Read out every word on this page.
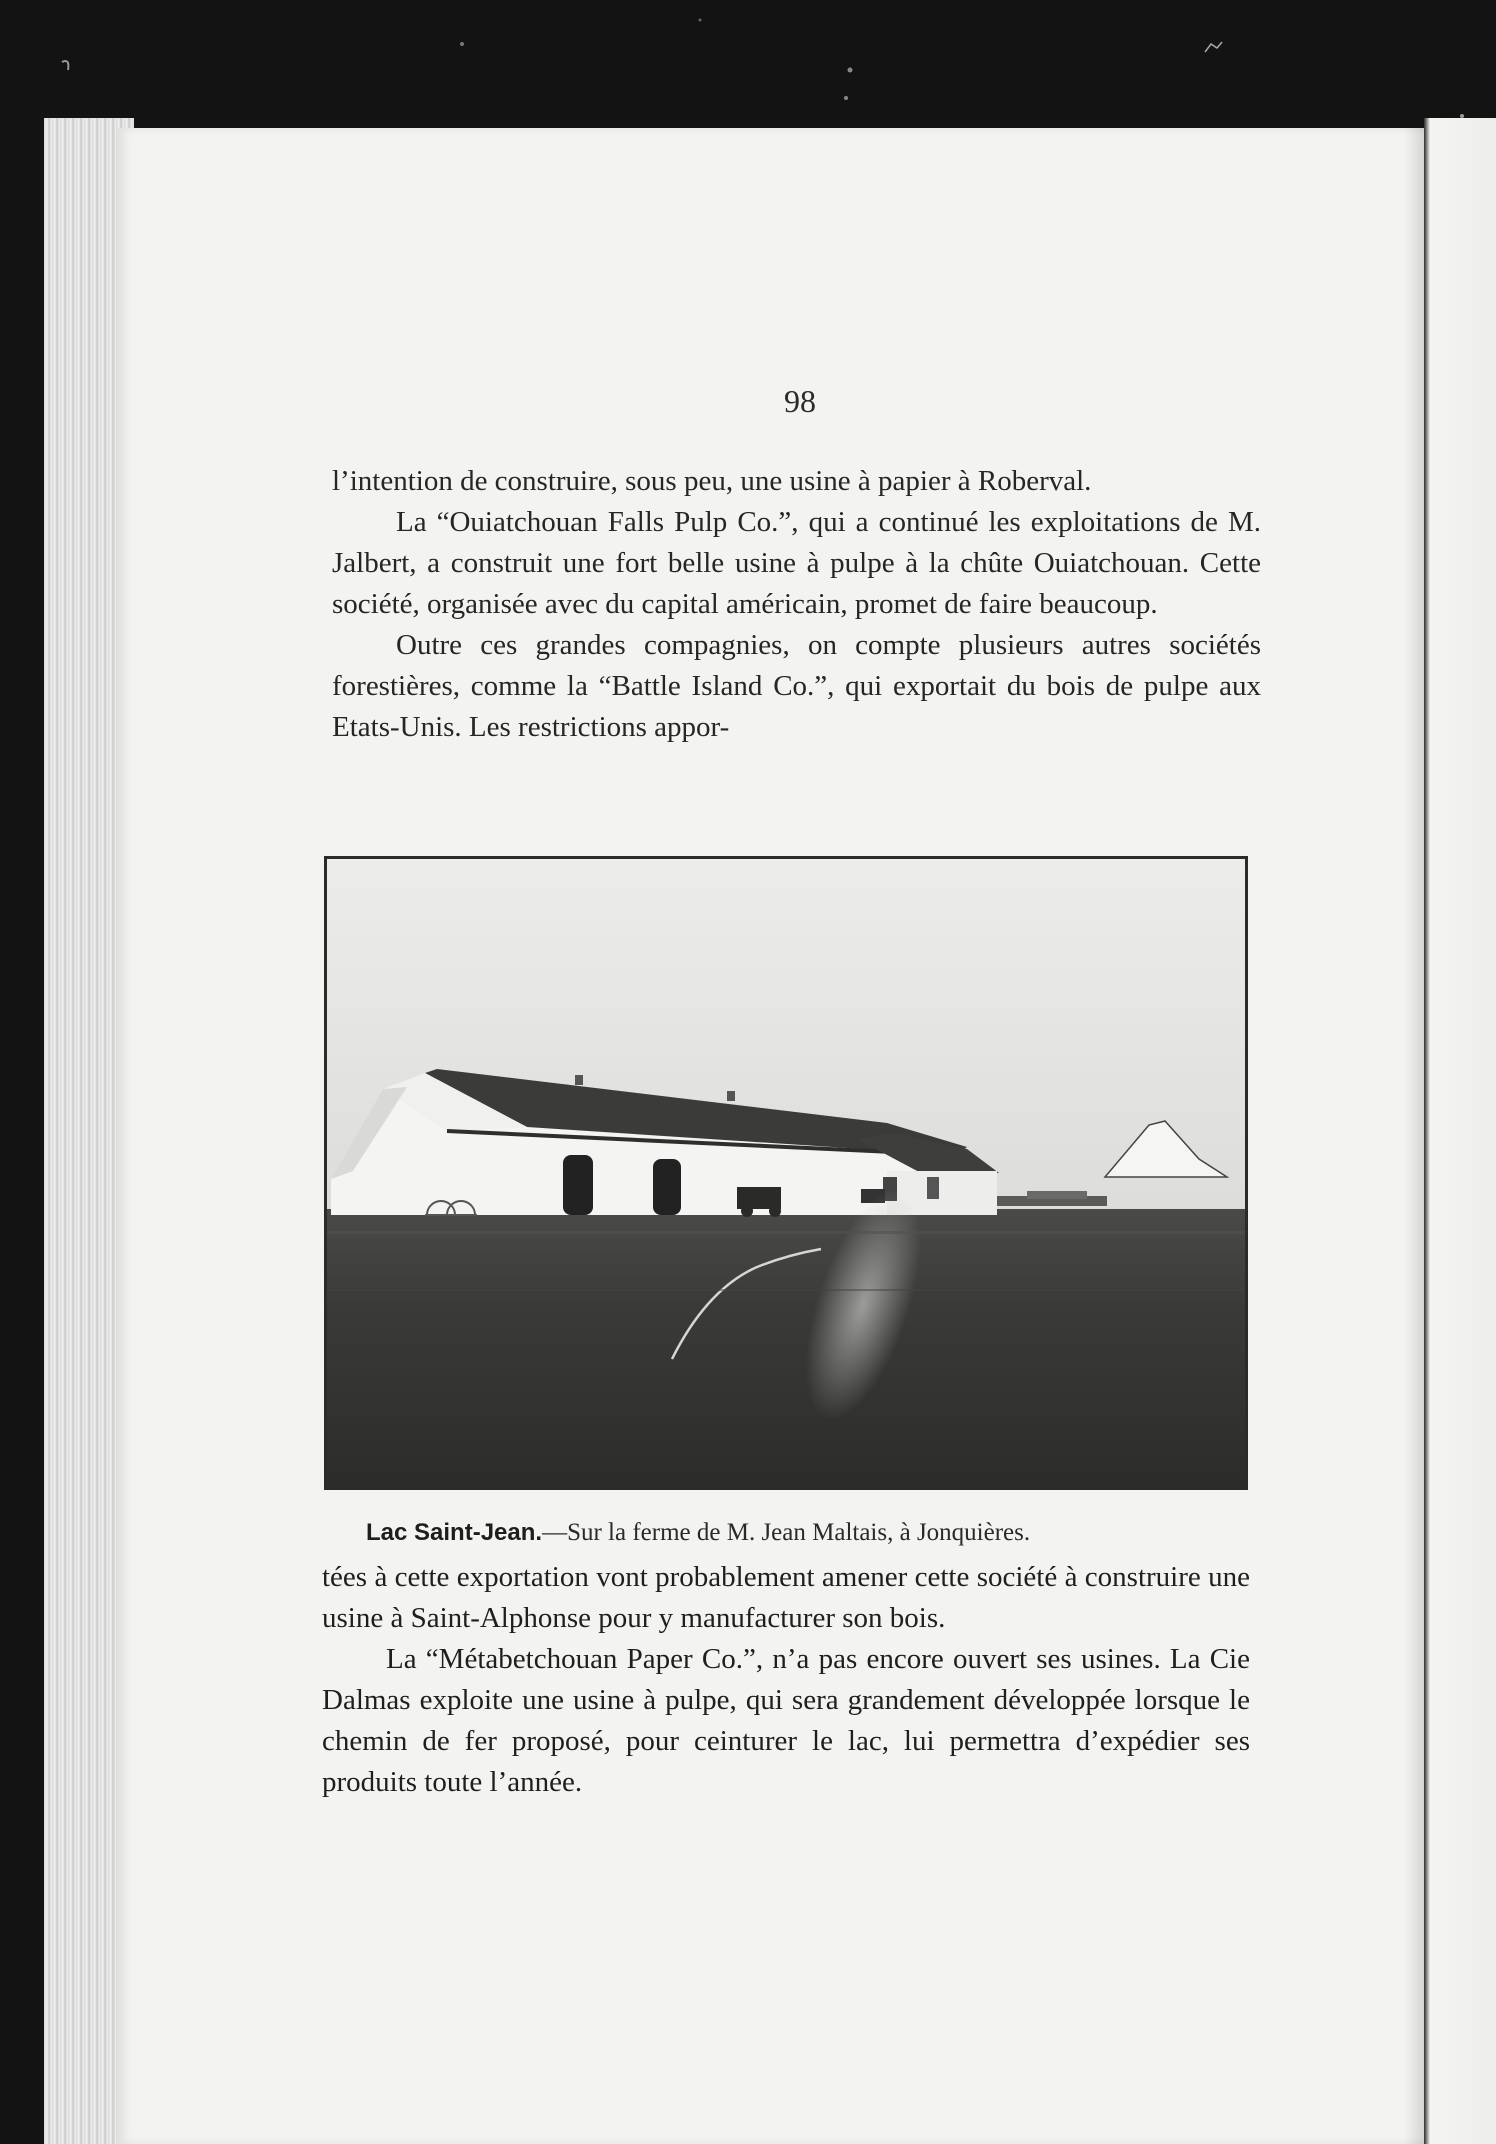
98

l’intention de construire, sous peu, une usine à papier à Roberval.

La “Ouiatchouan Falls Pulp Co.”, qui a continué les exploitations de M. Jalbert, a construit une fort belle usine à pulpe à la chûte Ouiatchouan. Cette société, organisée avec du capital américain, promet de faire beaucoup.

Outre ces grandes compagnies, on compte plusieurs autres sociétés forestières, comme la “Battle Island Co.”, qui exportait du bois de pulpe aux Etats-Unis. Les restrictions appor-

Lac Saint-Jean.—Sur la ferme de M. Jean Maltais, à Jonquières.

tées à cette exportation vont probablement amener cette société à construire une usine à Saint-Alphonse pour y manufacturer son bois.

La “Métabetchouan Paper Co.”, n’a pas encore ouvert ses usines. La Cie Dalmas exploite une usine à pulpe, qui sera grandement développée lorsque le chemin de fer proposé, pour ceinturer le lac, lui permettra d’expédier ses produits toute l’année.
